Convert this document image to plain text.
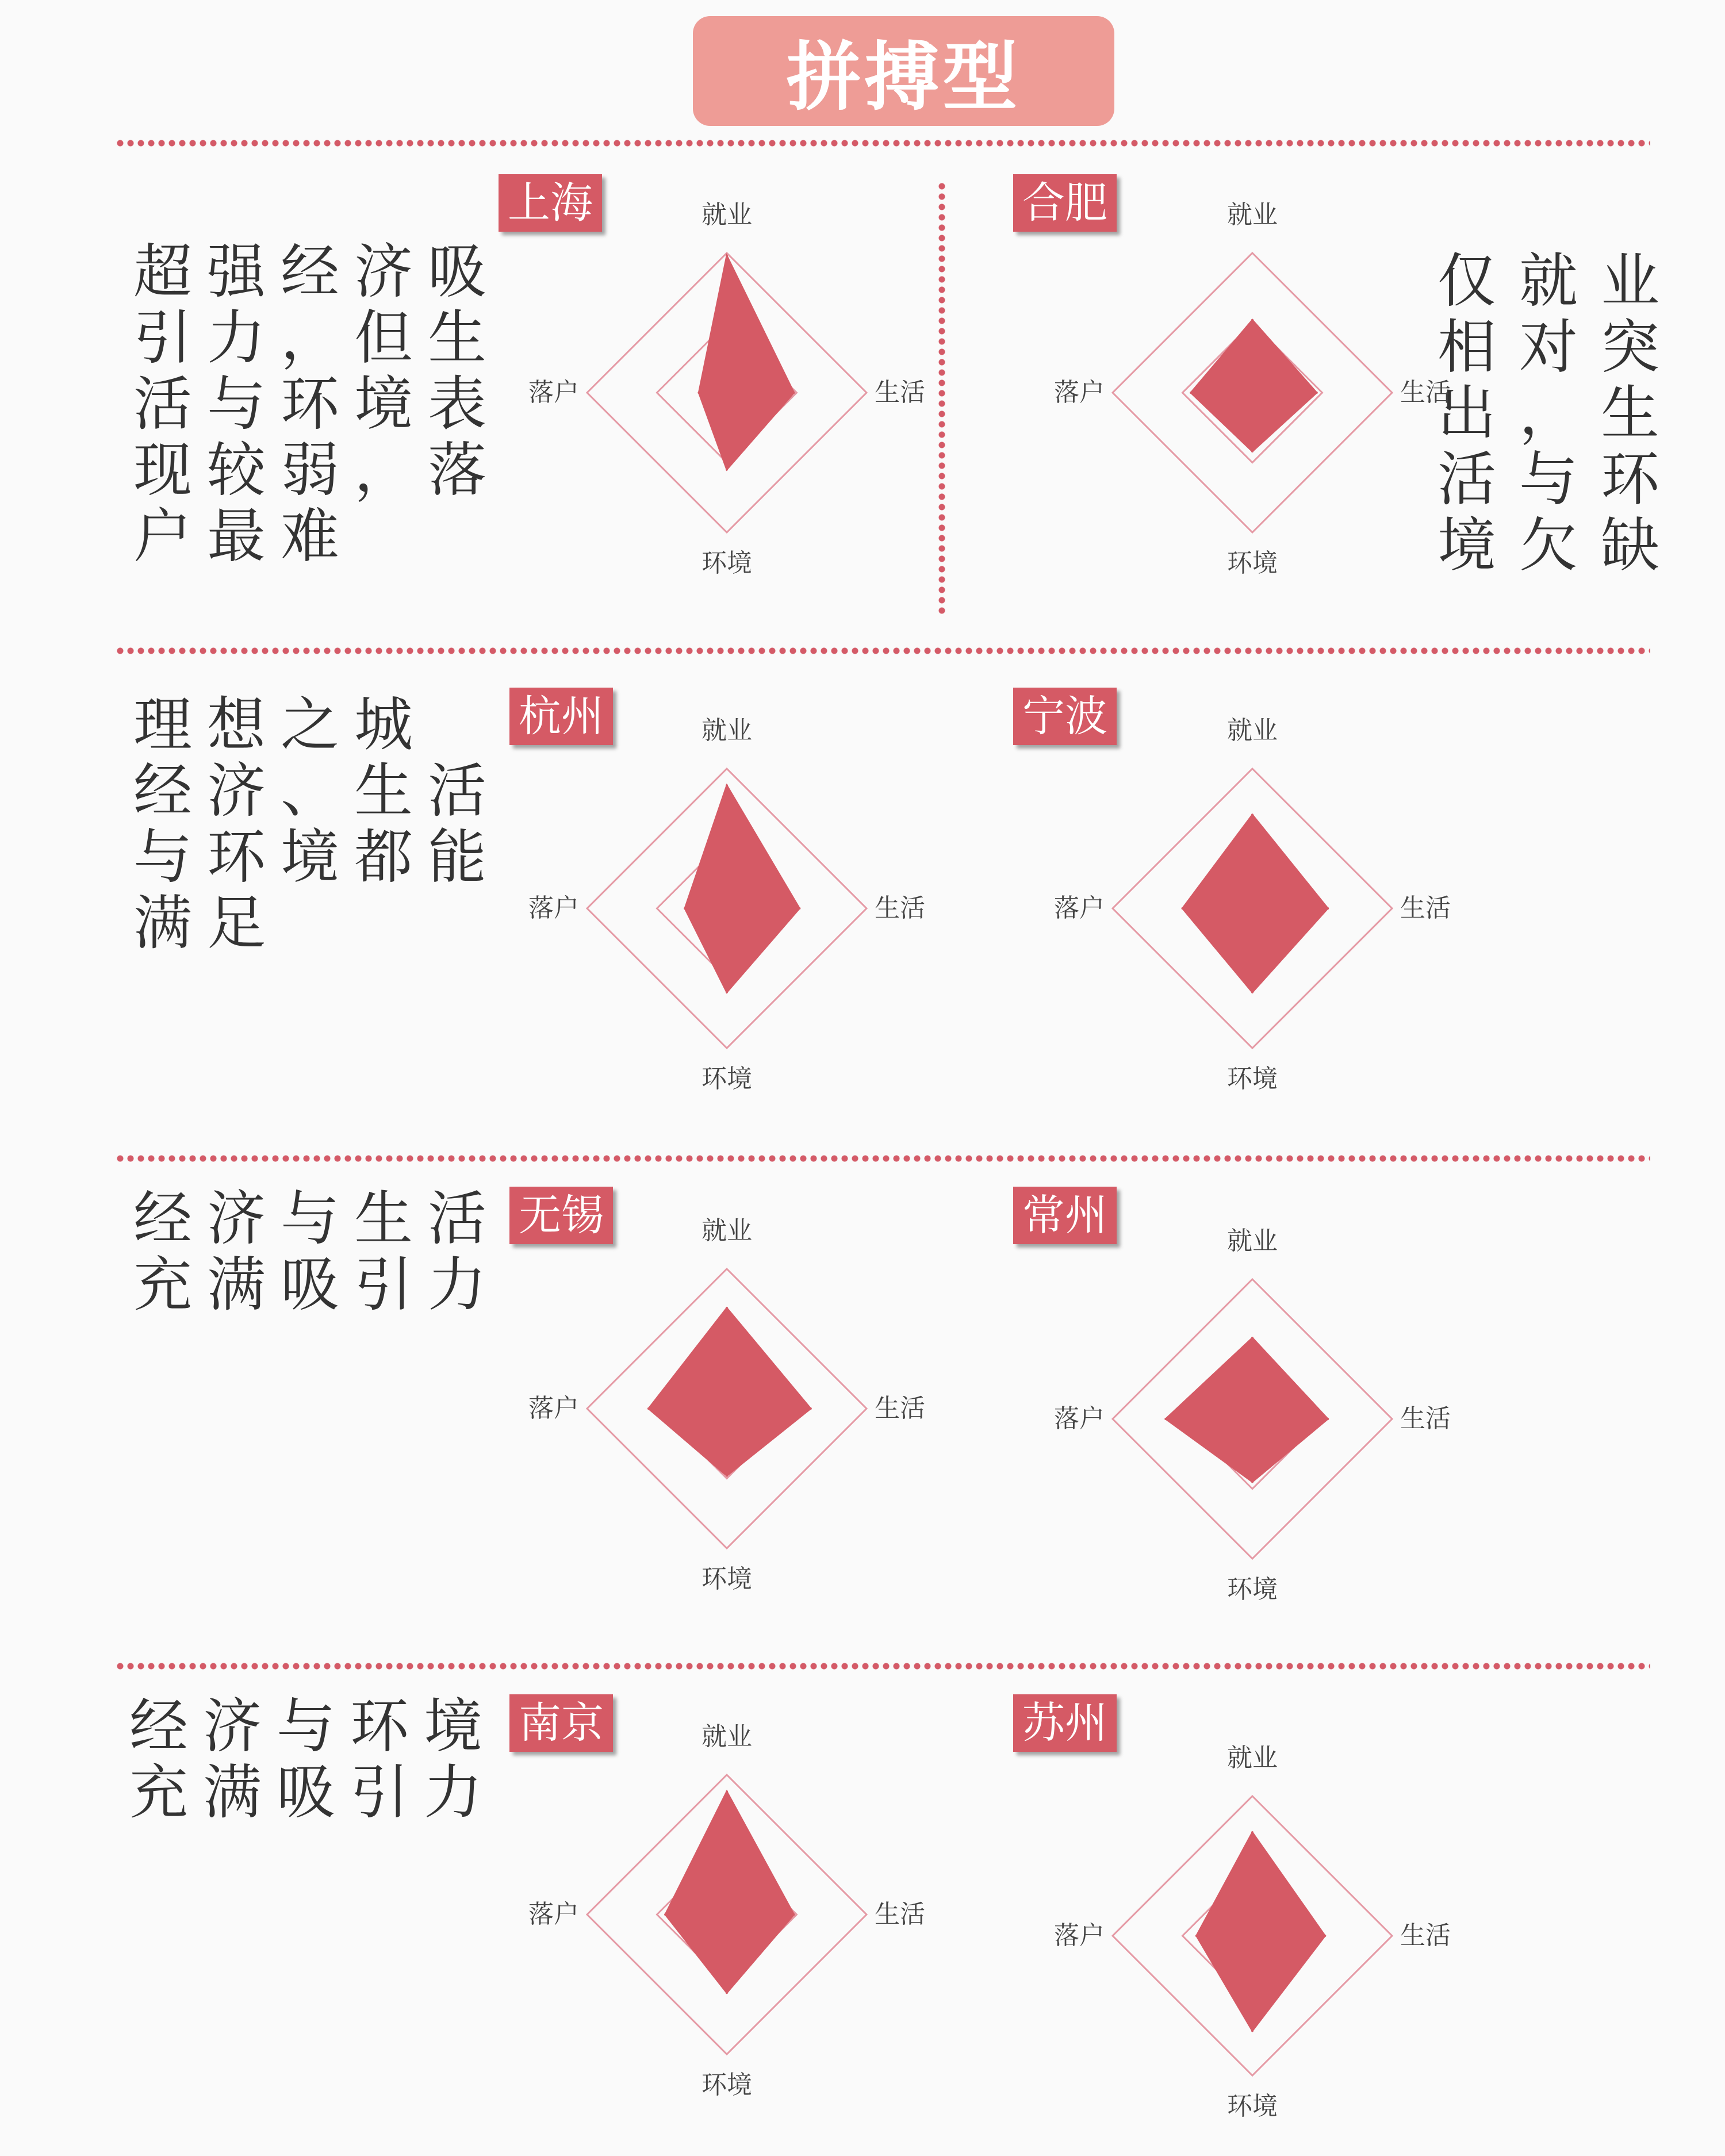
拼搏型
超强经济吸
引力，但生
活与环境表
现较弱，落
户最难
仅就业
相对突
出，生
活与环
境欠缺
理想之城
经济、生活
与环境都能
满足
经济与生活
充满吸引力
经济与环境
充满吸引力
上海	合肥
杭州	宁波
无锡	常州
南京	苏州
就业
生活
环境
落户
就业
生活
环境
落户
就业
生活
环境
落户
就业
生活
环境
落户
就业
生活
环境
落户
就业
生活
环境
落户
就业
生活
环境
落户
就业
生活
环境
落户
